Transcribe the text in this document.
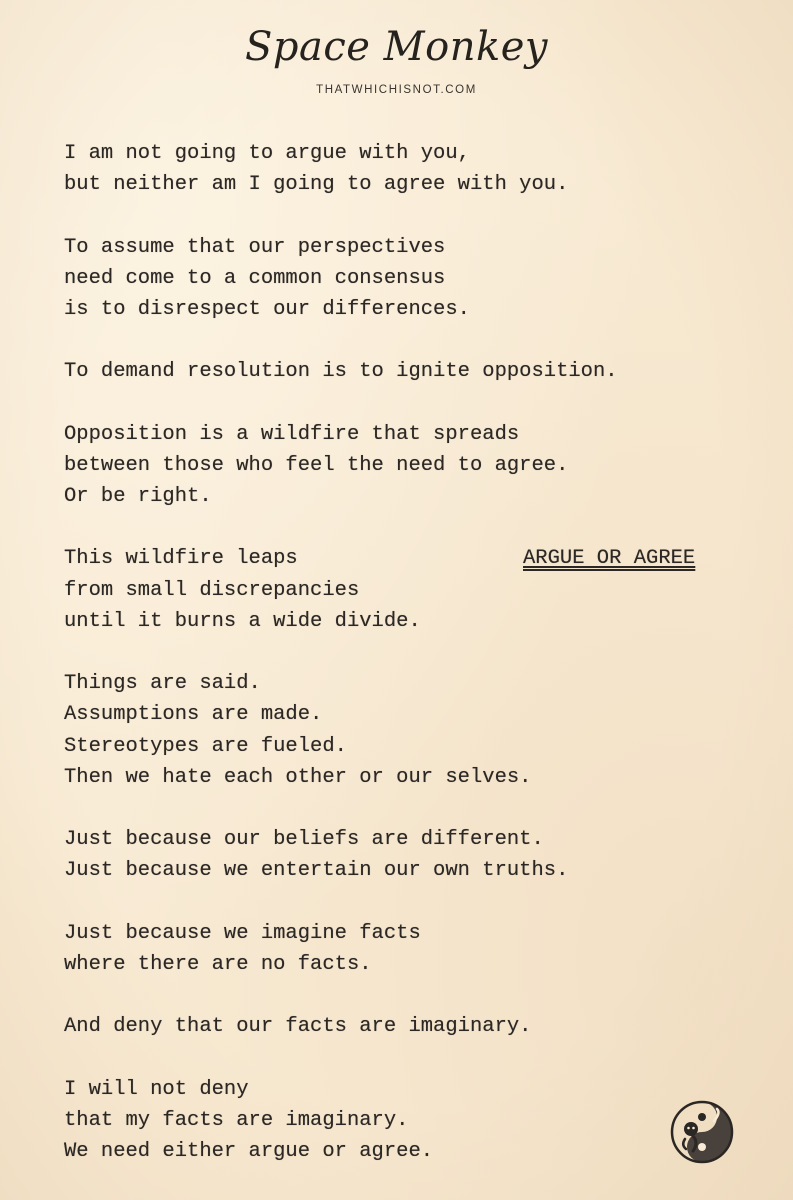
Space Monkey
THATWHICHISNOT.COM
I am not going to argue with you,
but neither am I going to agree with you.
To assume that our perspectives
need come to a common consensus
is to disrespect our differences.
To demand resolution is to ignite opposition.
Opposition is a wildfire that spreads
between those who feel the need to agree.
Or be right.
ARGUE OR AGREE
This wildfire leaps
from small discrepancies
until it burns a wide divide.
Things are said.
Assumptions are made.
Stereotypes are fueled.
Then we hate each other or our selves.
Just because our beliefs are different.
Just because we entertain our own truths.
Just because we imagine facts
where there are no facts.
And deny that our facts are imaginary.
I will not deny
that my facts are imaginary.
We need either argue or agree.
